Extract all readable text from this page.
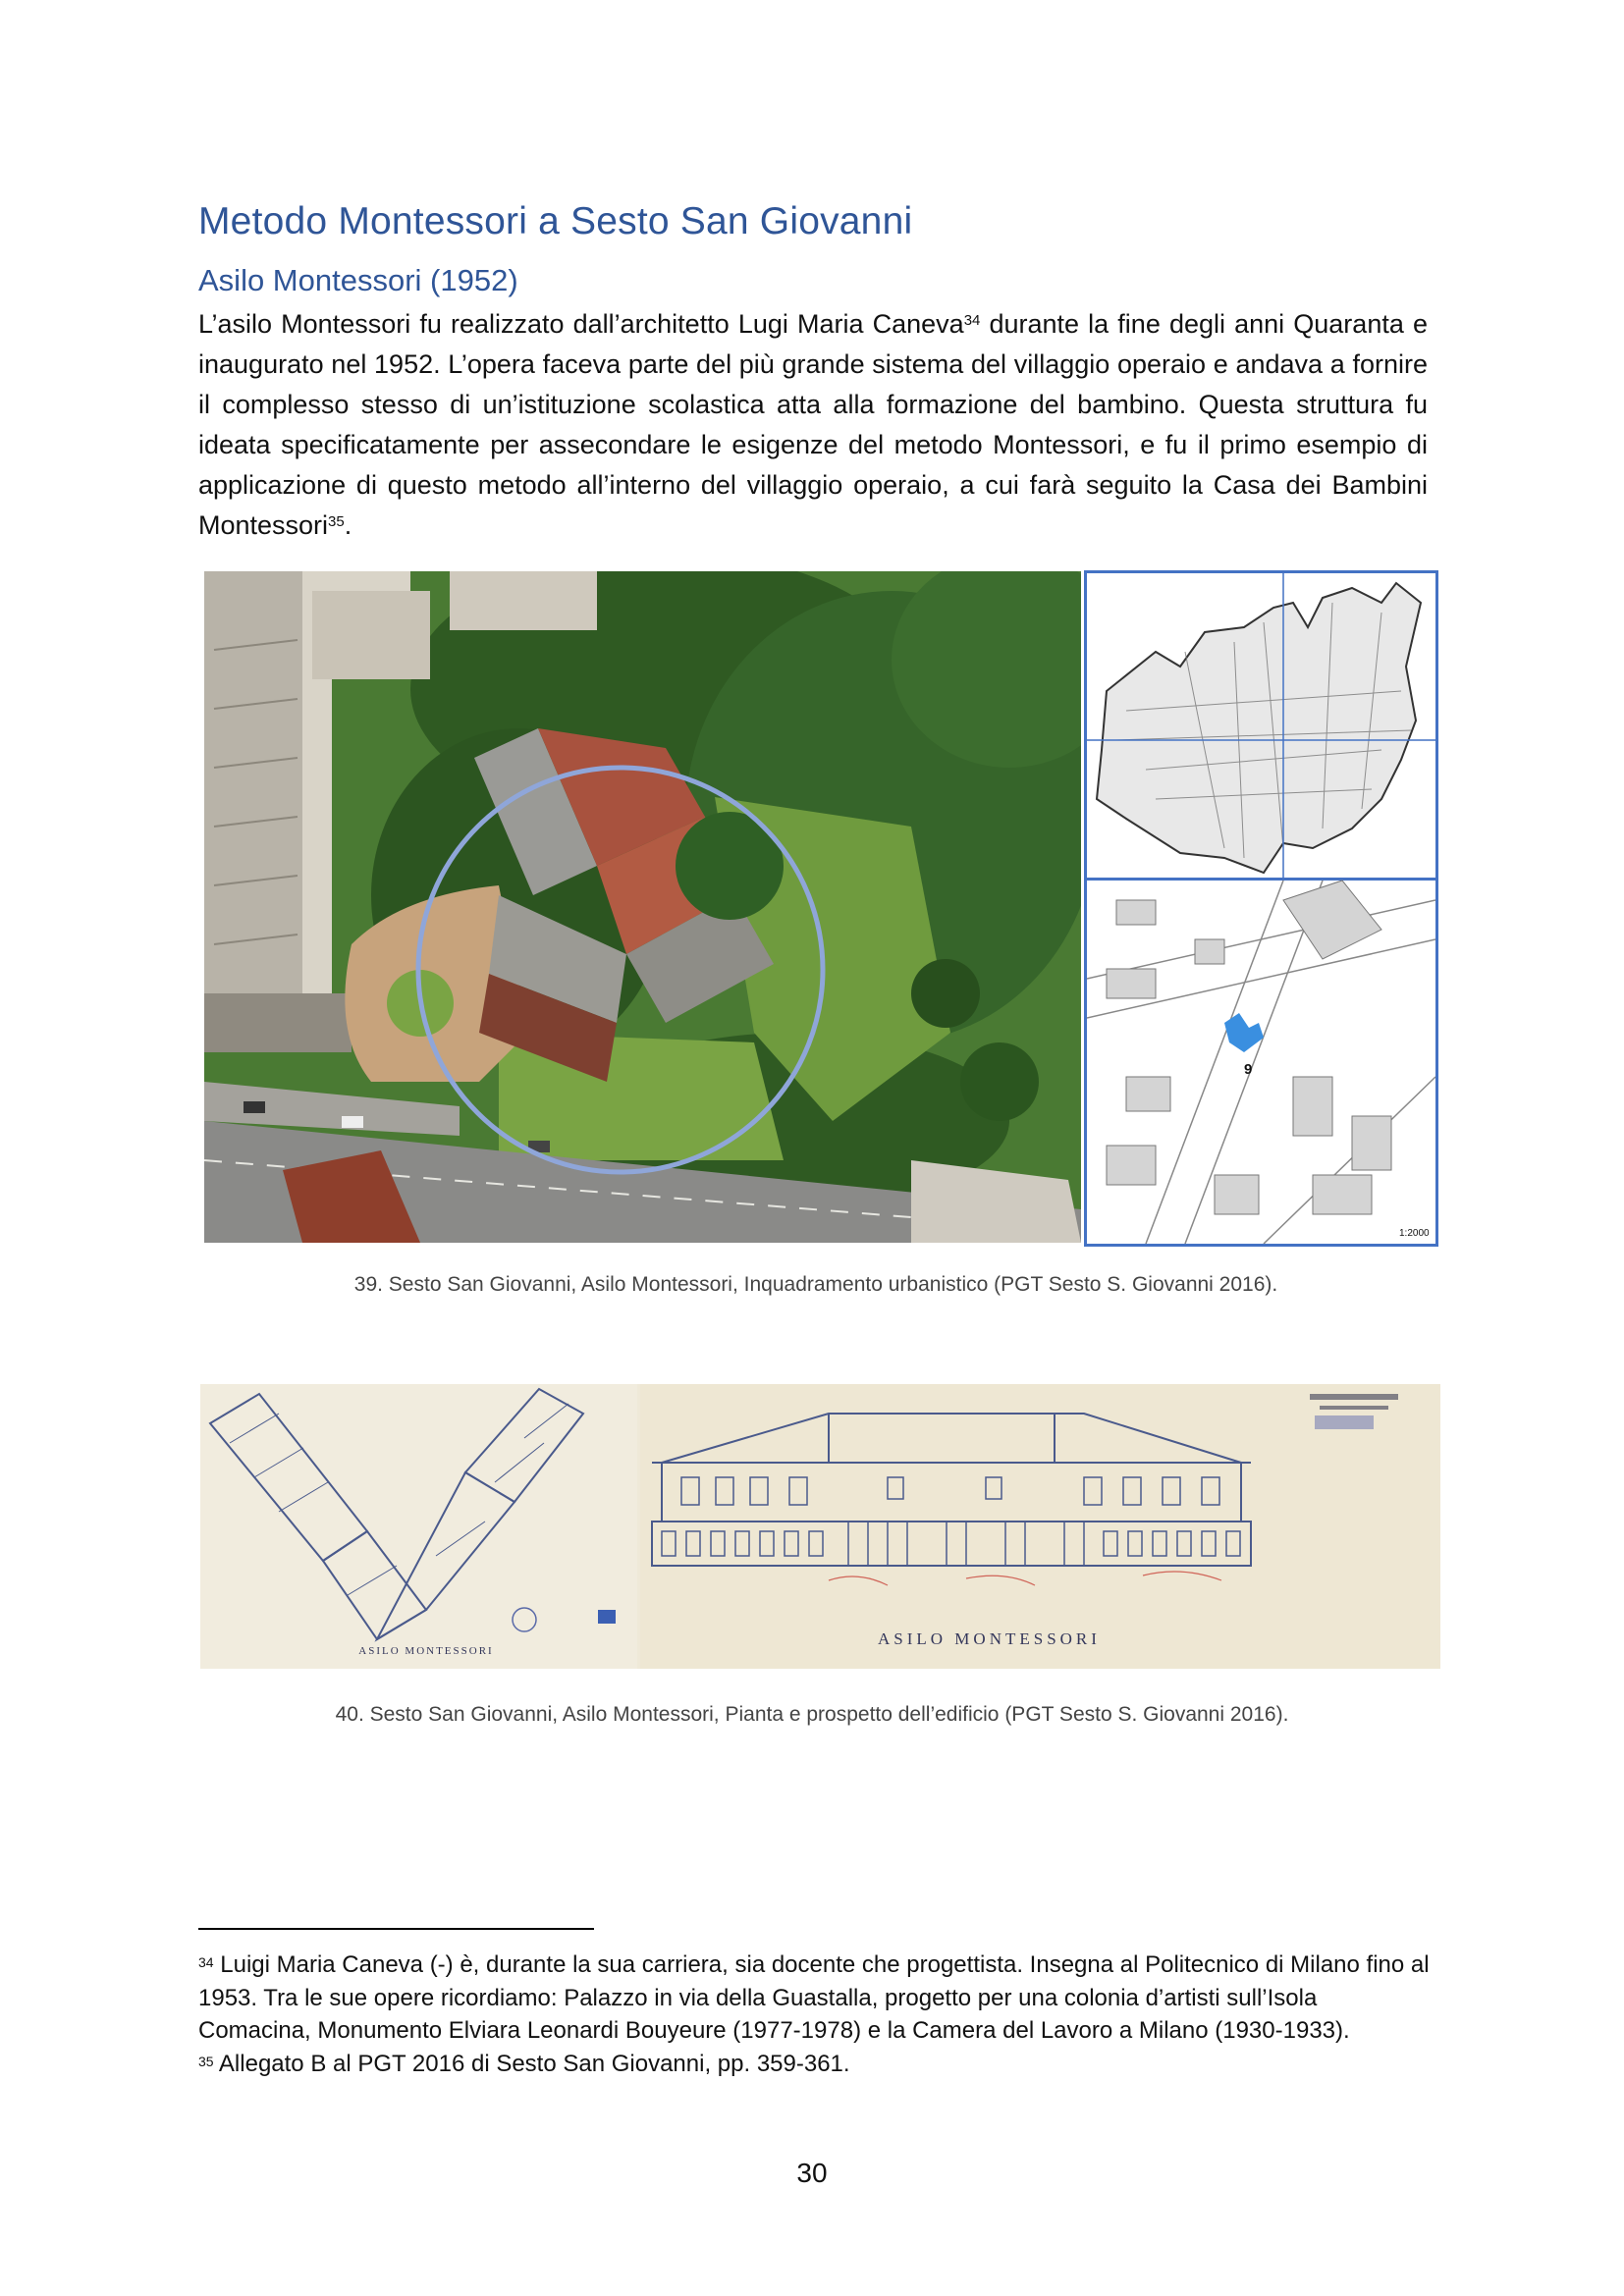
Metodo Montessori a Sesto San Giovanni
Asilo Montessori (1952)

L’asilo Montessori fu realizzato dall’architetto Lugi Maria Caneva$^{34}$ durante la fine degli anni Quaranta e inaugurato nel 1952. L’opera faceva parte del più grande sistema del villaggio operaio e andava a fornire il complesso stesso di un’istituzione scolastica atta alla formazione del bambino. Questa struttura fu ideata specificatamente per assecondare le esigenze del metodo Montessori, e fu il primo esempio di applicazione di questo metodo all’interno del villaggio operaio, a cui farà seguito la Casa dei Bambini Montessori$^{35}$.

9
1:2000

39. Sesto San Giovanni, Asilo Montessori, Inquadramento urbanistico (PGT Sesto S. Giovanni 2016).

ASILO MONTESSORI
ASILO MONTESSORI

40. Sesto San Giovanni, Asilo Montessori, Pianta e prospetto dell’edificio (PGT Sesto S. Giovanni 2016).

$^{34}$ Luigi Maria Caneva (-) è, durante la sua carriera, sia docente che progettista. Insegna al Politecnico di Milano fino al 1953. Tra le sue opere ricordiamo: Palazzo in via della Guastalla, progetto per una colonia d’artisti sull’Isola Comacina, Monumento Elviara Leonardi Bouyeure (1977-1978) e la Camera del Lavoro a Milano (1930-1933).

$^{35}$ Allegato B al PGT 2016 di Sesto San Giovanni, pp. 359-361.

30
